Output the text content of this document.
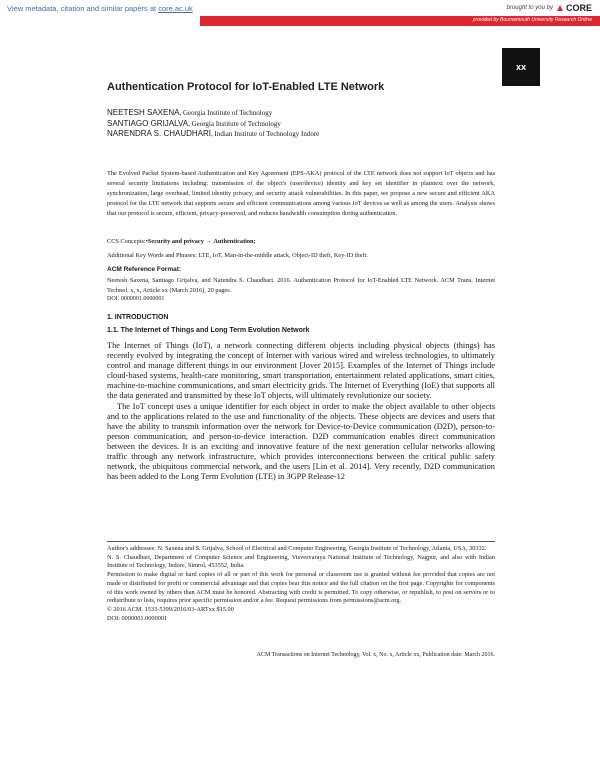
View metadata, citation and similar papers at core.ac.uk	brought to you by CORE
provided by Bournemouth University Research Online
xx
Authentication Protocol for IoT-Enabled LTE Network
NEETESH SAXENA, Georgia Institute of Technology
SANTIAGO GRIJALVA, Georgia Institute of Technology
NARENDRA S. CHAUDHARI, Indian Institute of Technology Indore
The Evolved Packet System-based Authentication and Key Agreement (EPS-AKA) protocol of the LTE network does not support IoT objects and has several security limitations including: transmission of the object's (user/device) identity and key set identifier in plaintext over the network, synchronization, large overhead, limited identity privacy, and security attack vulnerabilities. In this paper, we propose a new secure and efficient AKA protocol for the LTE network that supports secure and efficient communications among various IoT devices as well as among the users. Analysis shows that our protocol is secure, efficient, privacy-preserved, and reduces bandwidth consumption during authentication.
CCS Concepts:•Security and privacy → Authentication;
Additional Key Words and Phrases: LTE, IoT, Man-in-the-middle attack, Object-ID theft, Key-ID theft.
ACM Reference Format:
Neetesh Saxena, Santiago Grijalva, and Narendra S. Chaudhari. 2016. Authentication Protocol for IoT-Enabled LTE Network. ACM Trans. Internet Technol. x, x, Article xx (March 2016), 20 pages.
DOI: 0000001.0000001
1. INTRODUCTION
1.1. The Internet of Things and Long Term Evolution Network

The Internet of Things (IoT), a network connecting different objects including physical objects (things) has recently evolved by integrating the concept of Internet with various wired and wireless technologies, to ultimately control and manage different things in our environment [Jover 2015]. Examples of the Internet of Things include cloud-based systems, health-care monitoring, smart transportation, entertainment related applications, smart cities, machine-to-machine communications, and smart electricity grids. The Internet of Everything (IoE) that supports all the data generated and transmitted by these IoT objects, will ultimately revolutionize our society.

The IoT concept uses a unique identifier for each object in order to make the object available to other objects and to the applications related to the use and functionality of the objects. These objects are devices and users that have the ability to transmit information over the network for Device-to-Device communication (D2D), person-to-person communication, and person-to-device interaction. D2D communication enables direct communication between the devices. It is an exciting and innovative feature of the next generation cellular networks allowing traffic through any network infrastructure, which provides interconnections between the critical public safety network, the ubiquitous commercial network, and the users [Lin et al. 2014]. Very recently, D2D communication has been added to the Long Term Evolution (LTE) in 3GPP Release-12

Author's addresses: N. Saxena and S. Grijalva, School of Electrical and Computer Engineering, Georgia Institute of Technology, Atlanta, USA, 30332.

N. S. Chaudhari, Department of Computer Science and Engineering, Visvesvaraya National Institute of Technology, Nagpur, and also with Indian Institute of Technology, Indore, Simrol, 453552, India.

Permission to make digital or hard copies of all or part of this work for personal or classroom use is granted without fee provided that copies are not made or distributed for profit or commercial advantage and that copies bear this notice and the full citation on the first page. Copyrights for components of this work owned by others than ACM must be honored. Abstracting with credit is permitted. To copy otherwise, or republish, to post on servers or to redistribute to lists, requires prior specific permission and/or a fee. Request permissions from permissions@acm.org.

© 2016 ACM. 1533-5399/2016/03-ARTxx $15.00

DOI: 0000001.0000001

ACM Transactions on Internet Technology, Vol. x, No. x, Article xx, Publication date: March 2016.
